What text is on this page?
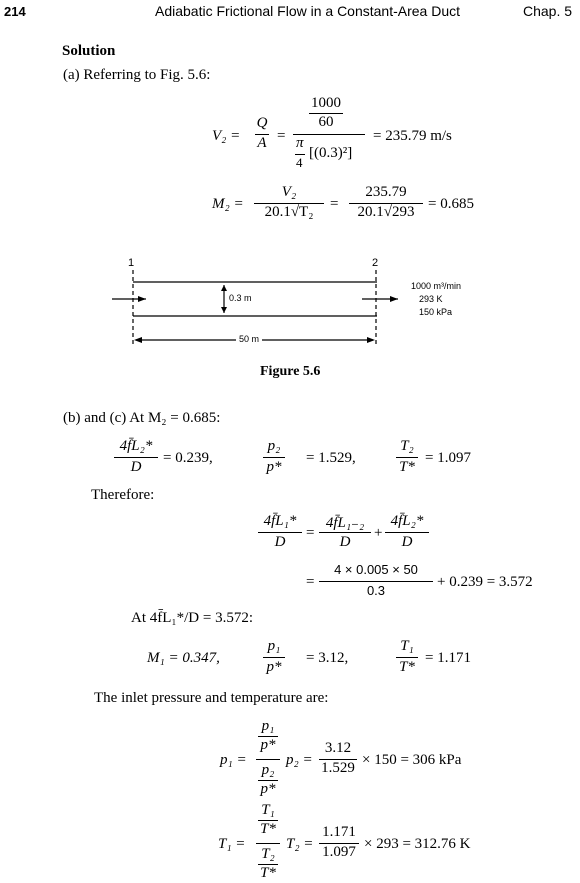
214	Adiabatic Frictional Flow in a Constant-Area Duct	Chap. 5
Solution
(a) Referring to Fig. 5.6:
V₂ =
Q
A =
1000
60
π
4
[(0.3)²]
= 235.79 m/s
M₂ =
V₂
20.1√T₂	=
235.79
20.1√293 = 0.685
1	2
0.3 m
50 m
1000 m³/min
293 K
150 kPa
Figure 5.6
(b) and (c) At M₂ = 0.685:
4f̄L₂*
D
= 0.239,
p₂
p*
= 1.529,
T₂
T*
= 1.097
Therefore:
4f̄L₁*
D
=
4f̄L₁₋₂
D
+
4f̄L₂*
D
=
4 × 0.005 × 50
0.3
+ 0.239 = 3.572
At 4f̄L₁*/D = 3.572:
M₁ = 0.347,
p₁
p*
= 3.12,
T₁
T*
= 1.171
The inlet pressure and temperature are:
p₁ =
p₁
p*
p₂
p*
p₂ =
3.12
1.529 × 150 = 306 kPa
T₁ =
T₁
T*
T₂
T*
T₂ =
1.171
1.097 × 293 = 312.76 K
